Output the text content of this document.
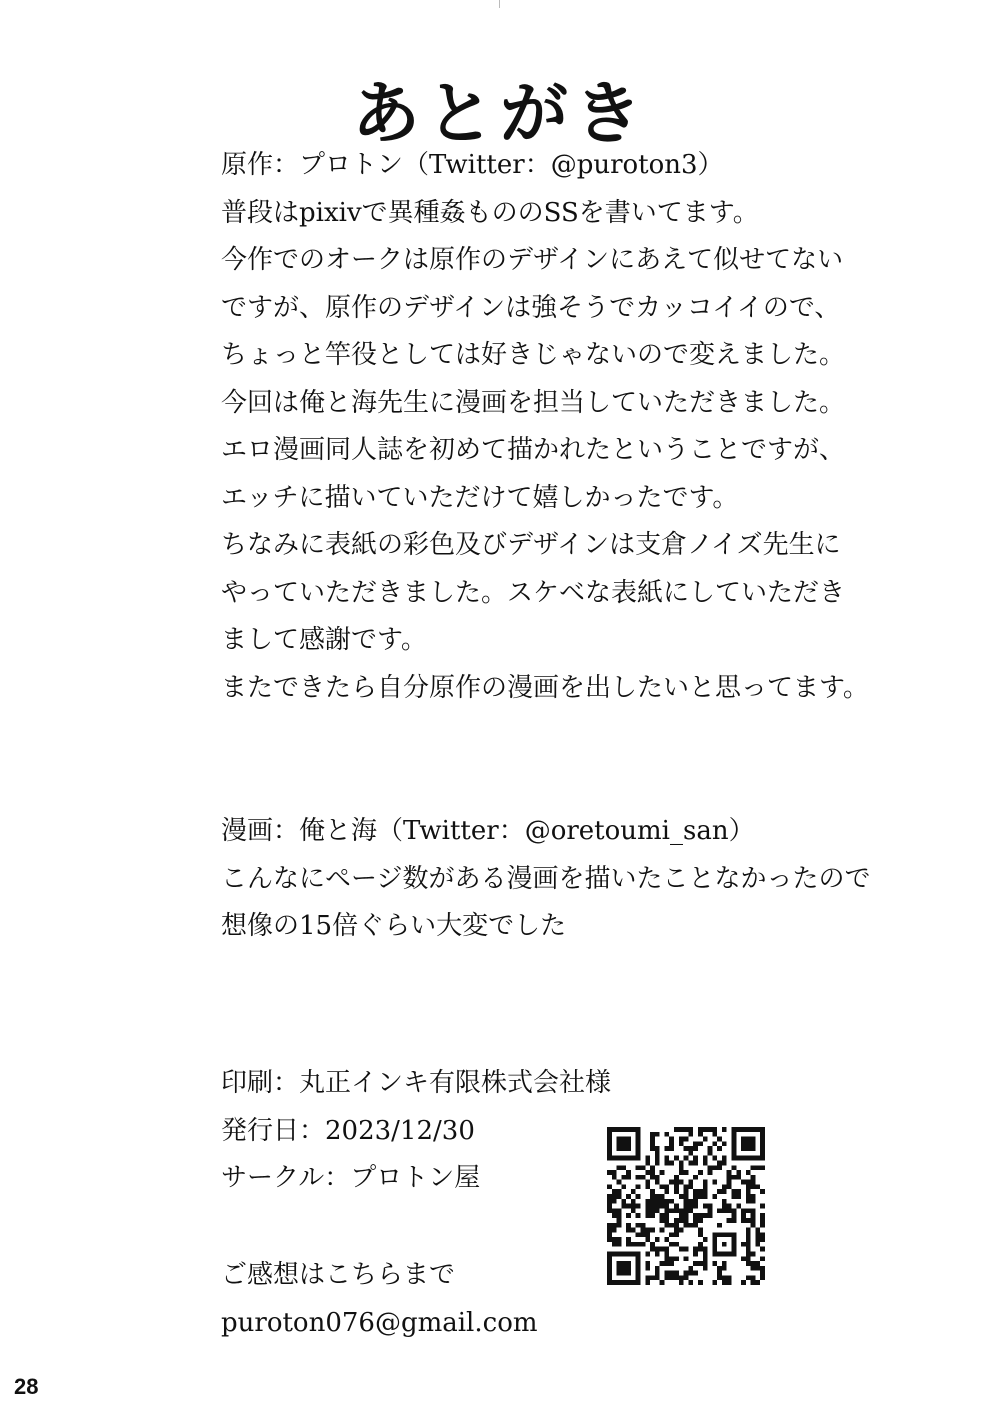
あとがき
原作：プロトン（Twitter：@puroton3）
普段はpixivで異種姦もののSSを書いてます。
今作でのオークは原作のデザインにあえて似せてない
ですが、原作のデザインは強そうでカッコイイので、
ちょっと竿役としては好きじゃないので変えました。
今回は俺と海先生に漫画を担当していただきました。
エロ漫画同人誌を初めて描かれたということですが、
エッチに描いていただけて嬉しかったです。
ちなみに表紙の彩色及びデザインは支倉ノイズ先生に
やっていただきました。スケベな表紙にしていただき
まして感謝です。
またできたら自分原作の漫画を出したいと思ってます。
漫画：俺と海（Twitter：@oretoumi_san）
こんなにページ数がある漫画を描いたことなかったので
想像の15倍ぐらい大変でした
印刷：丸正インキ有限株式会社様
発行日：2023/12/30
サークル：プロトン屋
ご感想はこちらまで
puroton076@gmail.com
28
